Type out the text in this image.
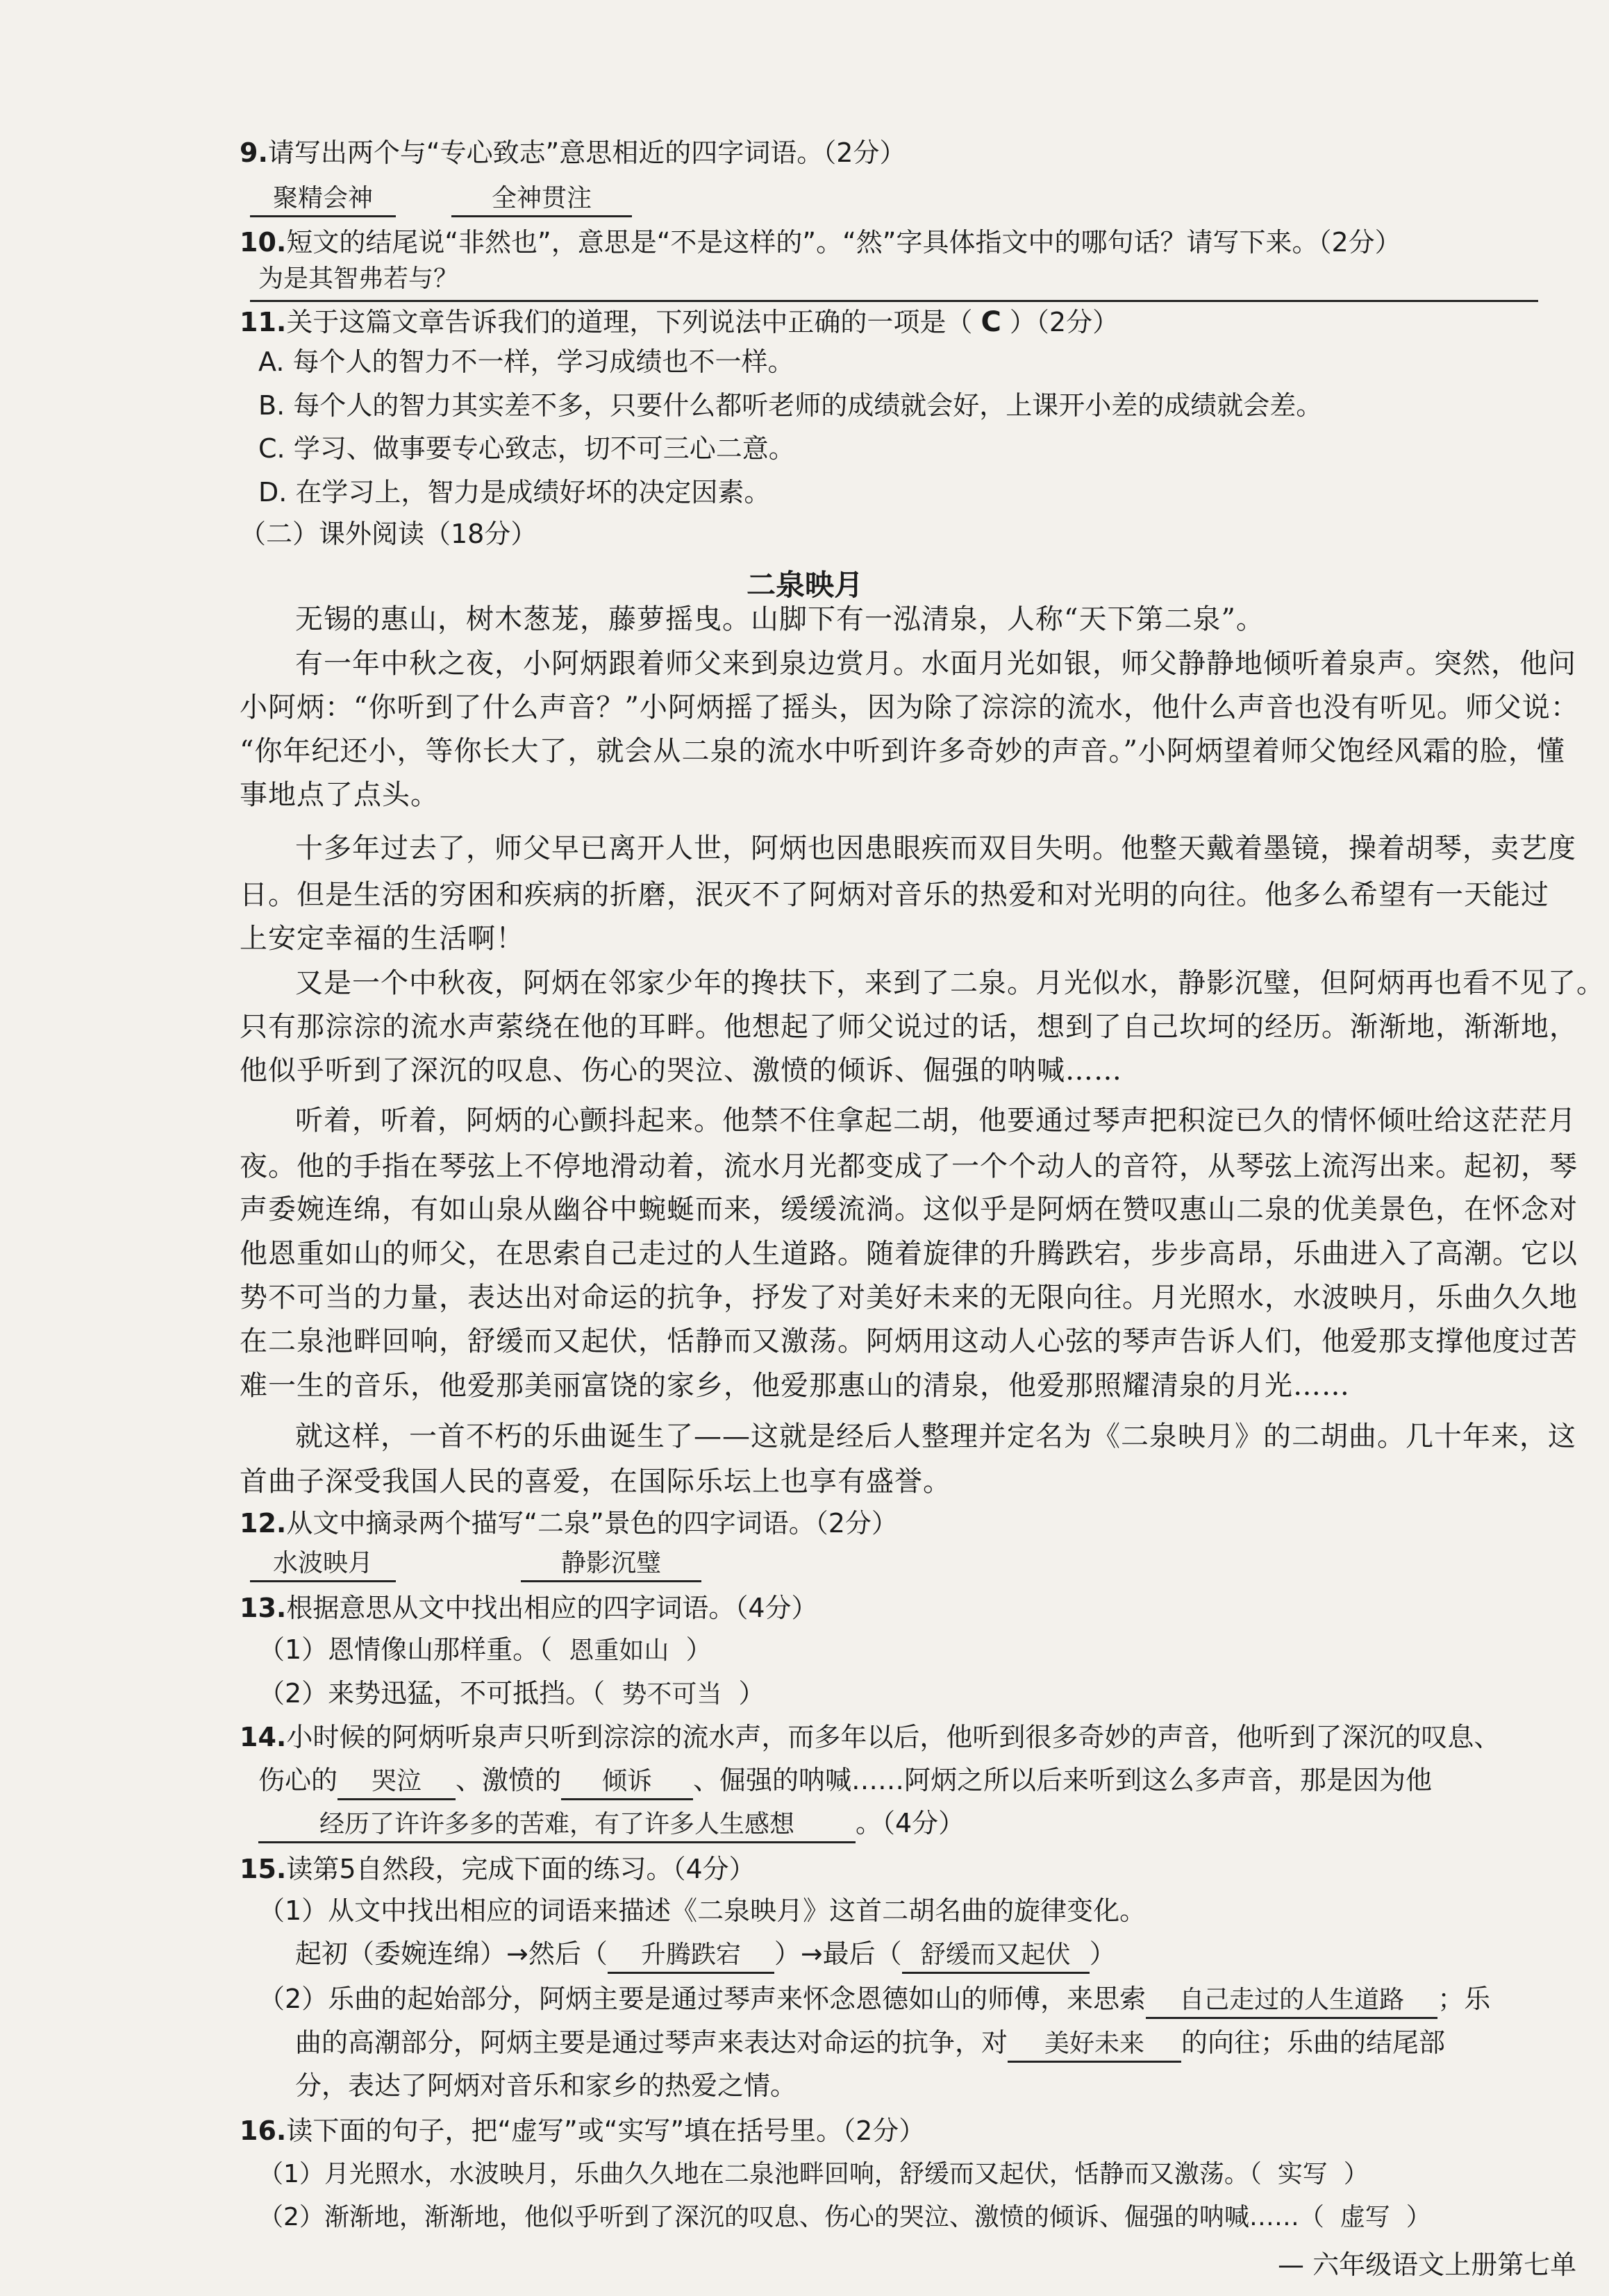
9.请写出两个与“专心致志”意思相近的四字词语。（2分）
聚精会神	全神贯注
10.短文的结尾说“非然也”，意思是“不是这样的”。“然”字具体指文中的哪句话？请写下来。（2分）
为是其智弗若与？
11.关于这篇文章告诉我们的道理，下列说法中正确的一项是（ C ）（2分）
A. 每个人的智力不一样，学习成绩也不一样。
B. 每个人的智力其实差不多，只要什么都听老师的成绩就会好，上课开小差的成绩就会差。
C. 学习、做事要专心致志，切不可三心二意。
D. 在学习上，智力是成绩好坏的决定因素。
（二）课外阅读（18分）
二泉映月
无锡的惠山，树木葱茏，藤萝摇曳。山脚下有一泓清泉，人称“天下第二泉”。
有一年中秋之夜，小阿炳跟着师父来到泉边赏月。水面月光如银，师父静静地倾听着泉声。突然，他问
小阿炳：“你听到了什么声音？”小阿炳摇了摇头，因为除了淙淙的流水，他什么声音也没有听见。师父说：
“你年纪还小，等你长大了，就会从二泉的流水中听到许多奇妙的声音。”小阿炳望着师父饱经风霜的脸，懂
事地点了点头。
十多年过去了，师父早已离开人世，阿炳也因患眼疾而双目失明。他整天戴着墨镜，操着胡琴，卖艺度
日。但是生活的穷困和疾病的折磨，泯灭不了阿炳对音乐的热爱和对光明的向往。他多么希望有一天能过
上安定幸福的生活啊！
又是一个中秋夜，阿炳在邻家少年的搀扶下，来到了二泉。月光似水，静影沉璧，但阿炳再也看不见了。
只有那淙淙的流水声萦绕在他的耳畔。他想起了师父说过的话，想到了自己坎坷的经历。渐渐地，渐渐地，
他似乎听到了深沉的叹息、伤心的哭泣、激愤的倾诉、倔强的呐喊……
听着，听着，阿炳的心颤抖起来。他禁不住拿起二胡，他要通过琴声把积淀已久的情怀倾吐给这茫茫月
夜。他的手指在琴弦上不停地滑动着，流水月光都变成了一个个动人的音符，从琴弦上流泻出来。起初，琴
声委婉连绵，有如山泉从幽谷中蜿蜒而来，缓缓流淌。这似乎是阿炳在赞叹惠山二泉的优美景色，在怀念对
他恩重如山的师父，在思索自己走过的人生道路。随着旋律的升腾跌宕，步步高昂，乐曲进入了高潮。它以
势不可当的力量，表达出对命运的抗争，抒发了对美好未来的无限向往。月光照水，水波映月，乐曲久久地
在二泉池畔回响，舒缓而又起伏，恬静而又激荡。阿炳用这动人心弦的琴声告诉人们，他爱那支撑他度过苦
难一生的音乐，他爱那美丽富饶的家乡，他爱那惠山的清泉，他爱那照耀清泉的月光……
就这样，一首不朽的乐曲诞生了——这就是经后人整理并定名为《二泉映月》的二胡曲。几十年来，这
首曲子深受我国人民的喜爱，在国际乐坛上也享有盛誉。
12.从文中摘录两个描写“二泉”景色的四字词语。（2分）
水波映月	静影沉璧
13.根据意思从文中找出相应的四字词语。（4分）
（1）恩情像山那样重。（ 恩重如山 ）
（2）来势迅猛，不可抵挡。（ 势不可当 ）
14.小时候的阿炳听泉声只听到淙淙的流水声，而多年以后，他听到很多奇妙的声音，他听到了深沉的叹息、
伤心的 哭泣 、激愤的 倾诉 、倔强的呐喊……阿炳之所以后来听到这么多声音，那是因为他
经历了许许多多的苦难，有了许多人生感想 。（4分）
15.读第5自然段，完成下面的练习。（4分）
（1）从文中找出相应的词语来描述《二泉映月》这首二胡名曲的旋律变化。
起初（委婉连绵）→然后（ 升腾跌宕 ）→最后（ 舒缓而又起伏 ）
（2）乐曲的起始部分，阿炳主要是通过琴声来怀念恩德如山的师傅，来思索 自己走过的人生道路 ；乐
曲的高潮部分，阿炳主要是通过琴声来表达对命运的抗争，对 美好未来 的向往；乐曲的结尾部
分，表达了阿炳对音乐和家乡的热爱之情。
16.读下面的句子，把“虚写”或“实写”填在括号里。（2分）
（1）月光照水，水波映月，乐曲久久地在二泉池畔回响，舒缓而又起伏，恬静而又激荡。（ 实写 ）
（2）渐渐地，渐渐地，他似乎听到了深沉的叹息、伤心的哭泣、激愤的倾诉、倔强的呐喊……（ 虚写 ）
— 六年级语文上册第七单
